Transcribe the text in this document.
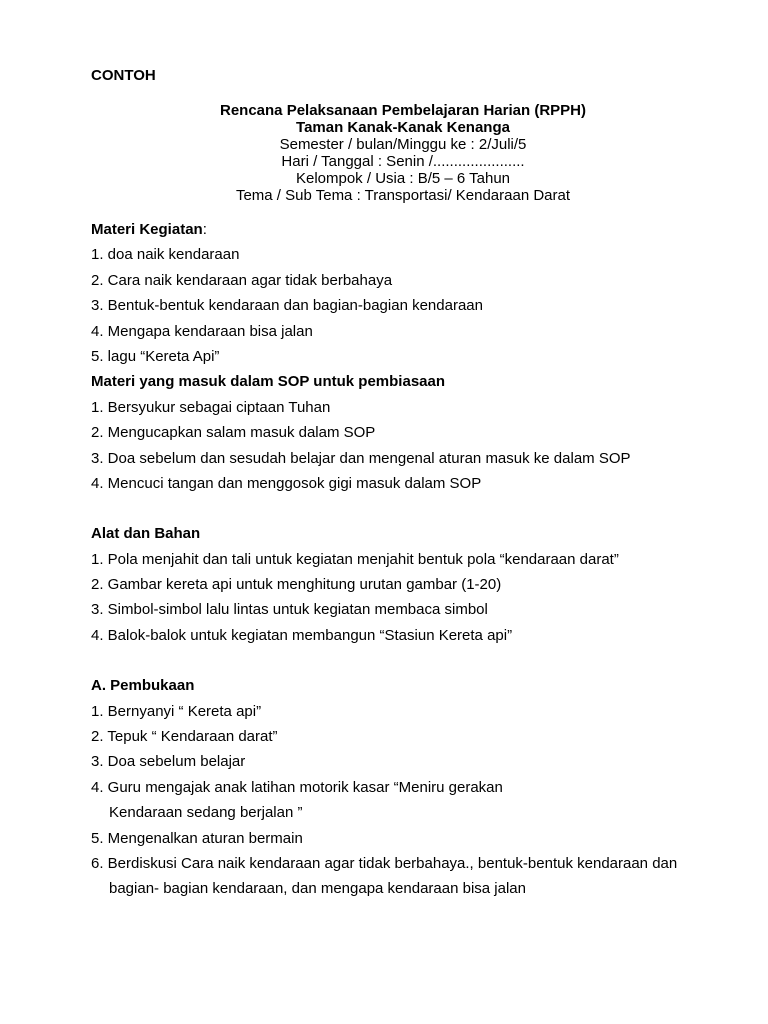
CONTOH
Rencana Pelaksanaan Pembelajaran Harian (RPPH)
Taman Kanak-Kanak Kenanga
Semester / bulan/Minggu ke : 2/Juli/5
Hari / Tanggal : Senin /......................
Kelompok / Usia : B/5 – 6 Tahun
Tema / Sub Tema : Transportasi/ Kendaraan Darat
Materi Kegiatan:
1. doa naik kendaraan
2. Cara naik kendaraan agar tidak berbahaya
3. Bentuk-bentuk kendaraan dan bagian-bagian kendaraan
4. Mengapa kendaraan bisa jalan
5. lagu “Kereta Api”
Materi yang masuk dalam SOP untuk pembiasaan
1. Bersyukur sebagai ciptaan Tuhan
2. Mengucapkan salam masuk dalam SOP
3. Doa sebelum dan sesudah belajar dan mengenal aturan masuk ke dalam SOP
4. Mencuci tangan dan menggosok gigi masuk dalam SOP
Alat dan Bahan
1. Pola menjahit dan tali untuk kegiatan menjahit bentuk pola “kendaraan darat”
2. Gambar kereta api untuk menghitung urutan gambar (1-20)
3. Simbol-simbol lalu lintas untuk kegiatan membaca simbol
4. Balok-balok untuk kegiatan membangun “Stasiun Kereta api”
A. Pembukaan
1. Bernyanyi “ Kereta api”
2. Tepuk “ Kendaraan darat”
3. Doa sebelum belajar
4. Guru mengajak anak latihan motorik kasar “Meniru gerakan
Kendaraan sedang berjalan ”
5. Mengenalkan aturan bermain
6. Berdiskusi Cara naik kendaraan agar tidak berbahaya., bentuk-bentuk kendaraan dan
bagian- bagian kendaraan, dan mengapa kendaraan bisa jalan
